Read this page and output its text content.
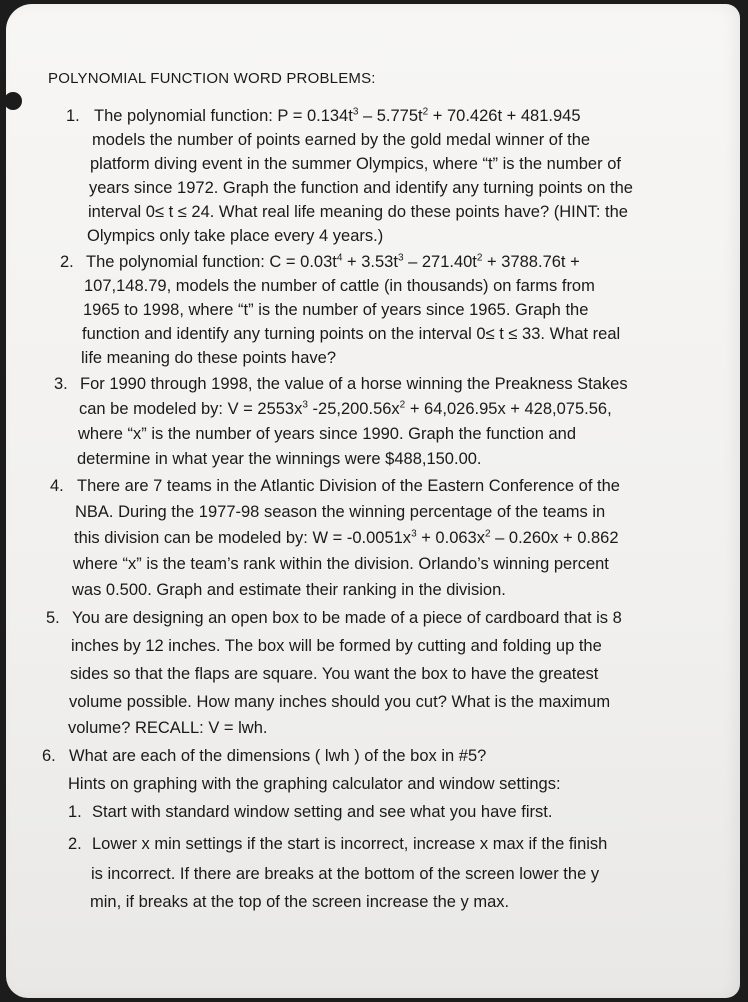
POLYNOMIAL FUNCTION WORD PROBLEMS:
1. The polynomial function: $P = 0.134t^3 - 5.775t^2 + 70.426t + 481.945$
models the number of points earned by the gold medal winner of the
platform diving event in the summer Olympics, where “t” is the number of
years since 1972. Graph the function and identify any turning points on the
interval 0≤ t ≤ 24. What real life meaning do these points have? (HINT: the
Olympics only take place every 4 years.)
2. The polynomial function: $C = 0.03t^4 + 3.53t^3 - 271.40t^2 + 3788.76t$ +
107,148.79, models the number of cattle (in thousands) on farms from
1965 to 1998, where “t” is the number of years since 1965. Graph the
function and identify any turning points on the interval 0≤ t ≤ 33. What real
life meaning do these points have?
3. For 1990 through 1998, the value of a horse winning the Preakness Stakes
can be modeled by: $V = 2553x^3$ $-25,200.56x^2 + 64,026.95x + 428,075.56$,
where “x” is the number of years since 1990. Graph the function and
determine in what year the winnings were $488,150.00.
4. There are 7 teams in the Atlantic Division of the Eastern Conference of the
NBA. During the 1977-98 season the winning percentage of the teams in
this division can be modeled by: $W = -0.0051x^3 + 0.063x^2 - 0.260x + 0.862$
where “x” is the team’s rank within the division. Orlando’s winning percent
was 0.500. Graph and estimate their ranking in the division.
5. You are designing an open box to be made of a piece of cardboard that is 8
inches by 12 inches. The box will be formed by cutting and folding up the
sides so that the flaps are square. You want the box to have the greatest
volume possible. How many inches should you cut? What is the maximum
volume? RECALL: V = lwh.
6. What are each of the dimensions ( lwh ) of the box in #5?
Hints on graphing with the graphing calculator and window settings:
1. Start with standard window setting and see what you have first.
2. Lower x min settings if the start is incorrect, increase x max if the finish
is incorrect. If there are breaks at the bottom of the screen lower the y
min, if breaks at the top of the screen increase the y max.
